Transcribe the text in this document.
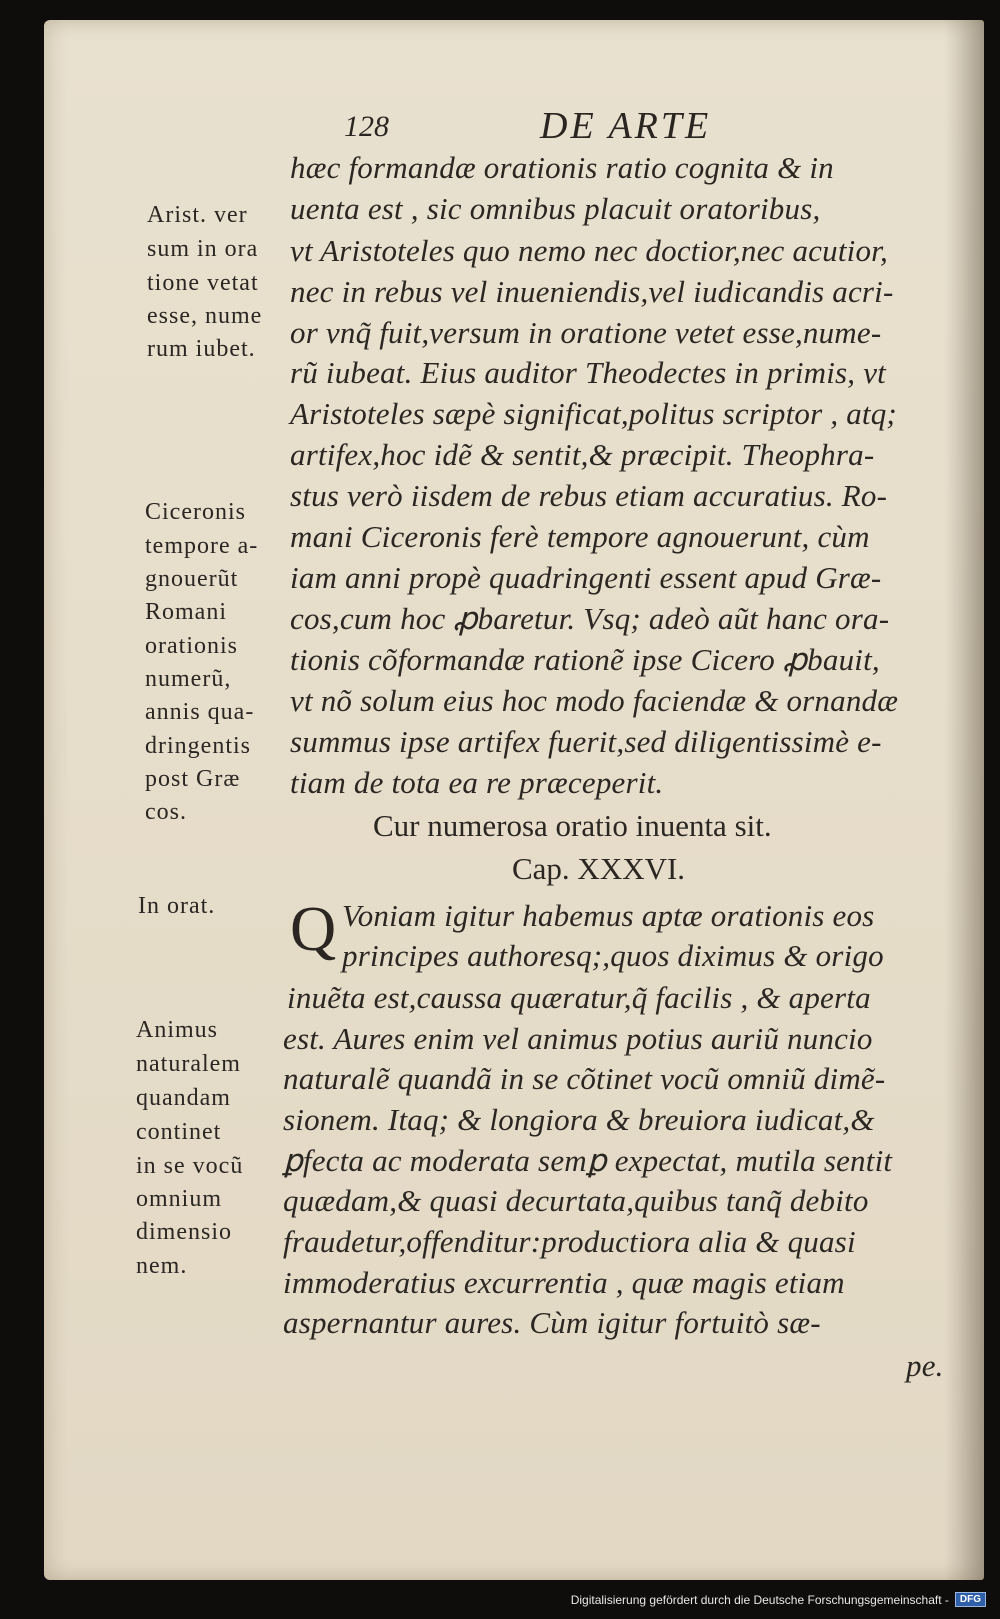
128	DE ARTE
hæc formandæ orationis ratio cognita & in
uenta est , sic omnibus placuit oratoribus,
vt Aristoteles quo nemo nec doctior,nec acutior,
nec in rebus vel inueniendis,vel iudicandis acri-
or vnq̃ fuit,versum in oratione vetet esse,nume-
rũ iubeat. Eius auditor Theodectes in primis, vt
Aristoteles sæpè significat,politus scriptor , atq;
artifex,hoc idẽ & sentit,& præcipit. Theophra-
stus verò iisdem de rebus etiam accuratius. Ro-
mani Ciceronis ferè tempore agnouerunt, cùm
iam anni propè quadringenti essent apud Græ-
cos,cum hoc ꝓbaretur. Vsq; adeò aũt hanc ora-
tionis cõformandæ rationẽ ipse Cicero ꝓbauit,
vt nõ solum eius hoc modo faciendæ & ornandæ
summus ipse artifex fuerit,sed diligentissimè e-
tiam de tota ea re præceperit.
Cur numerosa oratio inuenta sit.
Cap. XXXVI.
Q Voniam igitur habemus aptæ orationis eos
principes authoresq;,quos diximus & origo
inuẽta est,caussa quæratur,q̃ facilis , & aperta
est. Aures enim vel animus potius auriũ nuncio
naturalẽ quandã in se cõtinet vocũ omniũ dimẽ-
sionem. Itaq; & longiora & breuiora iudicat,&
ꝑfecta ac moderata semꝑ expectat, mutila sentit
quædam,& quasi decurtata,quibus tanq̃ debito
fraudetur,offenditur:productiora alia & quasi
immoderatius excurrentia , quæ magis etiam
aspernantur aures. Cùm igitur fortuitò sæ-
pe.
Arist. ver
sum in ora
tione vetat
esse, nume
rum iubet.
Ciceronis
tempore a-
gnouerũt
Romani
orationis
numerũ,
annis qua-
dringentis
post Græ
cos.
In orat.
Animus
naturalem
quandam
continet
in se vocũ
omnium
dimensio
nem.
Digitalisierung gefördert durch die Deutsche Forschungsgemeinschaft -	DFG
